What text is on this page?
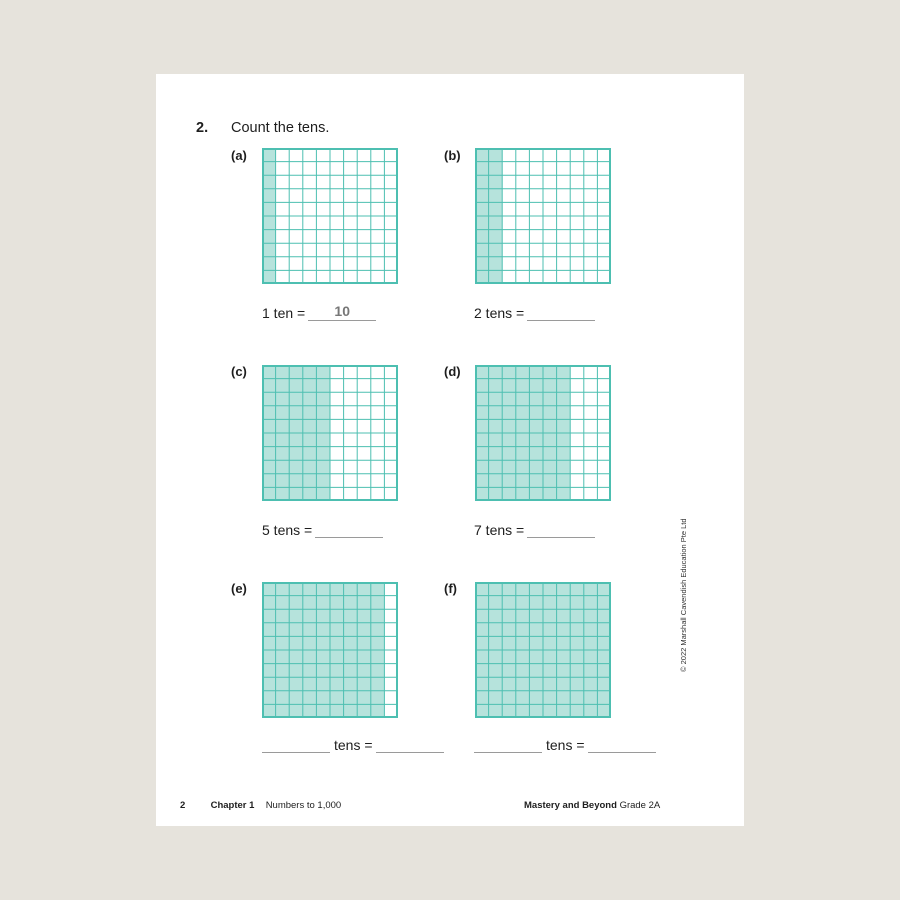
2. Count the tens.
(a)
1 ten =	10
(b)
2 tens =
(c)
5 tens =
(d)
7 tens =
(e)
tens =
(f)
tens =
© 2022 Marshall Cavendish Education Pte Ltd
2	Chapter 1 Numbers to 1,000	Mastery and Beyond Grade 2A
